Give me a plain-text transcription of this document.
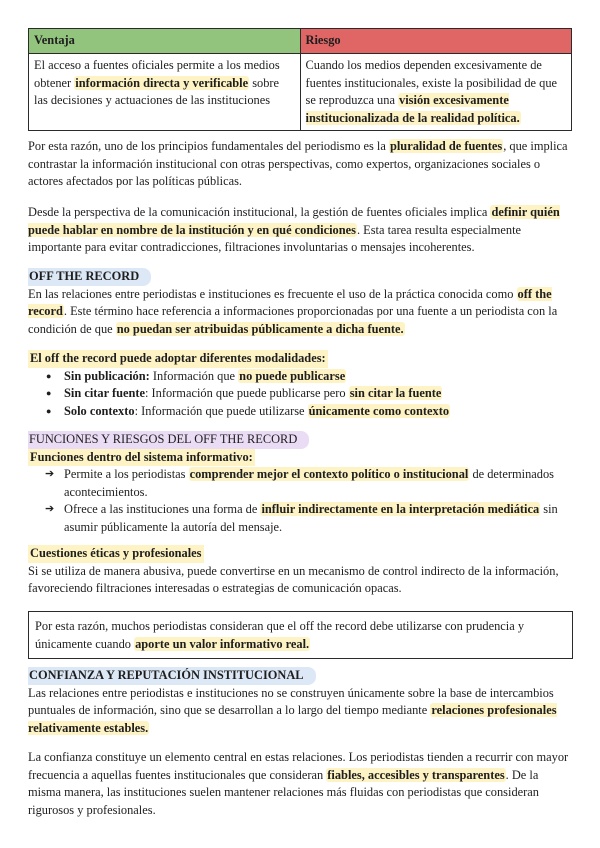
Ventaja	Riesgo
El acceso a fuentes oficiales permite a los medios obtener información directa y verificable sobre las decisiones y actuaciones de las instituciones	Cuando los medios dependen excesivamente de fuentes institucionales, existe la posibilidad de que se reproduzca una visión excesivamente institucionalizada de la realidad política.

Por esta razón, uno de los principios fundamentales del periodismo es la pluralidad de fuentes, que implica contrastar la información institucional con otras perspectivas, como expertos, organizaciones sociales o actores afectados por las políticas públicas.

Desde la perspectiva de la comunicación institucional, la gestión de fuentes oficiales implica definir quién puede hablar en nombre de la institución y en qué condiciones. Esta tarea resulta especialmente importante para evitar contradicciones, filtraciones involuntarias o mensajes incoherentes.

OFF THE RECORD

En las relaciones entre periodistas e instituciones es frecuente el uso de la práctica conocida como off the record. Este término hace referencia a informaciones proporcionadas por una fuente a un periodista con la condición de que no puedan ser atribuidas públicamente a dicha fuente.

El off the record puede adoptar diferentes modalidades:
● Sin publicación: Información que no puede publicarse
● Sin citar fuente: Información que puede publicarse pero sin citar la fuente
● Solo contexto: Información que puede utilizarse únicamente como contexto
FUNCIONES Y RIESGOS DEL OFF THE RECORD
Funciones dentro del sistema informativo:
➔ Permite a los periodistas comprender mejor el contexto político o institucional de determinados acontecimientos.
➔ Ofrece a las instituciones una forma de influir indirectamente en la interpretación mediática sin asumir públicamente la autoría del mensaje.
Cuestiones éticas y profesionales

Si se utiliza de manera abusiva, puede convertirse en un mecanismo de control indirecto de la información, favoreciendo filtraciones interesadas o estrategias de comunicación opacas.

Por esta razón, muchos periodistas consideran que el off the record debe utilizarse con prudencia y únicamente cuando aporte un valor informativo real.

CONFIANZA Y REPUTACIÓN INSTITUCIONAL

Las relaciones entre periodistas e instituciones no se construyen únicamente sobre la base de intercambios puntuales de información, sino que se desarrollan a lo largo del tiempo mediante relaciones profesionales relativamente estables.

La confianza constituye un elemento central en estas relaciones. Los periodistas tienden a recurrir con mayor frecuencia a aquellas fuentes institucionales que consideran fiables, accesibles y transparentes. De la misma manera, las instituciones suelen mantener relaciones más fluidas con periodistas que consideran rigurosos y profesionales.
